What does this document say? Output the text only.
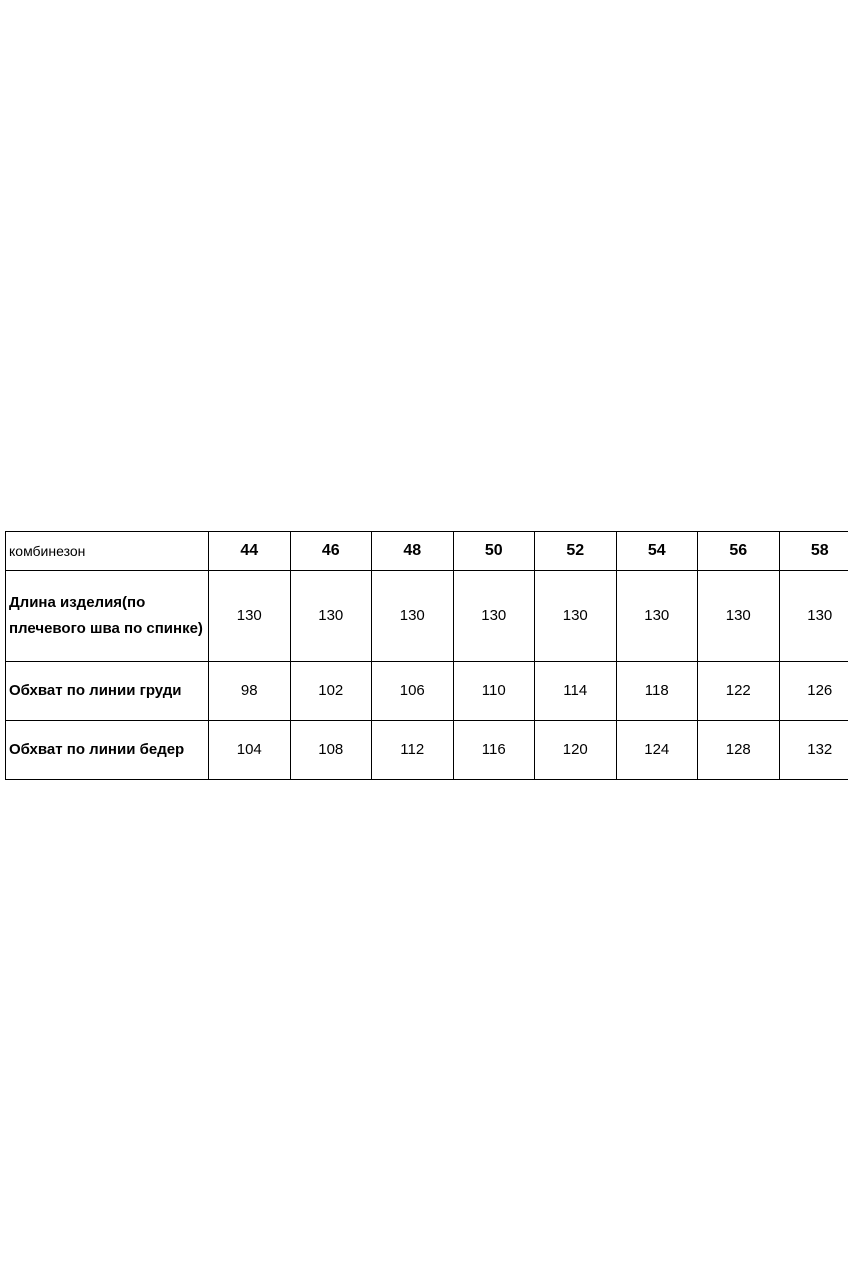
комбинезон	44	46	48	50	52	54	56	58
Длина изделия(по плечевого шва по спинке)	130	130	130	130	130	130	130	130
Обхват по линии груди	98	102	106	110	114	118	122	126
Обхват по линии бедер	104	108	112	116	120	124	128	132
